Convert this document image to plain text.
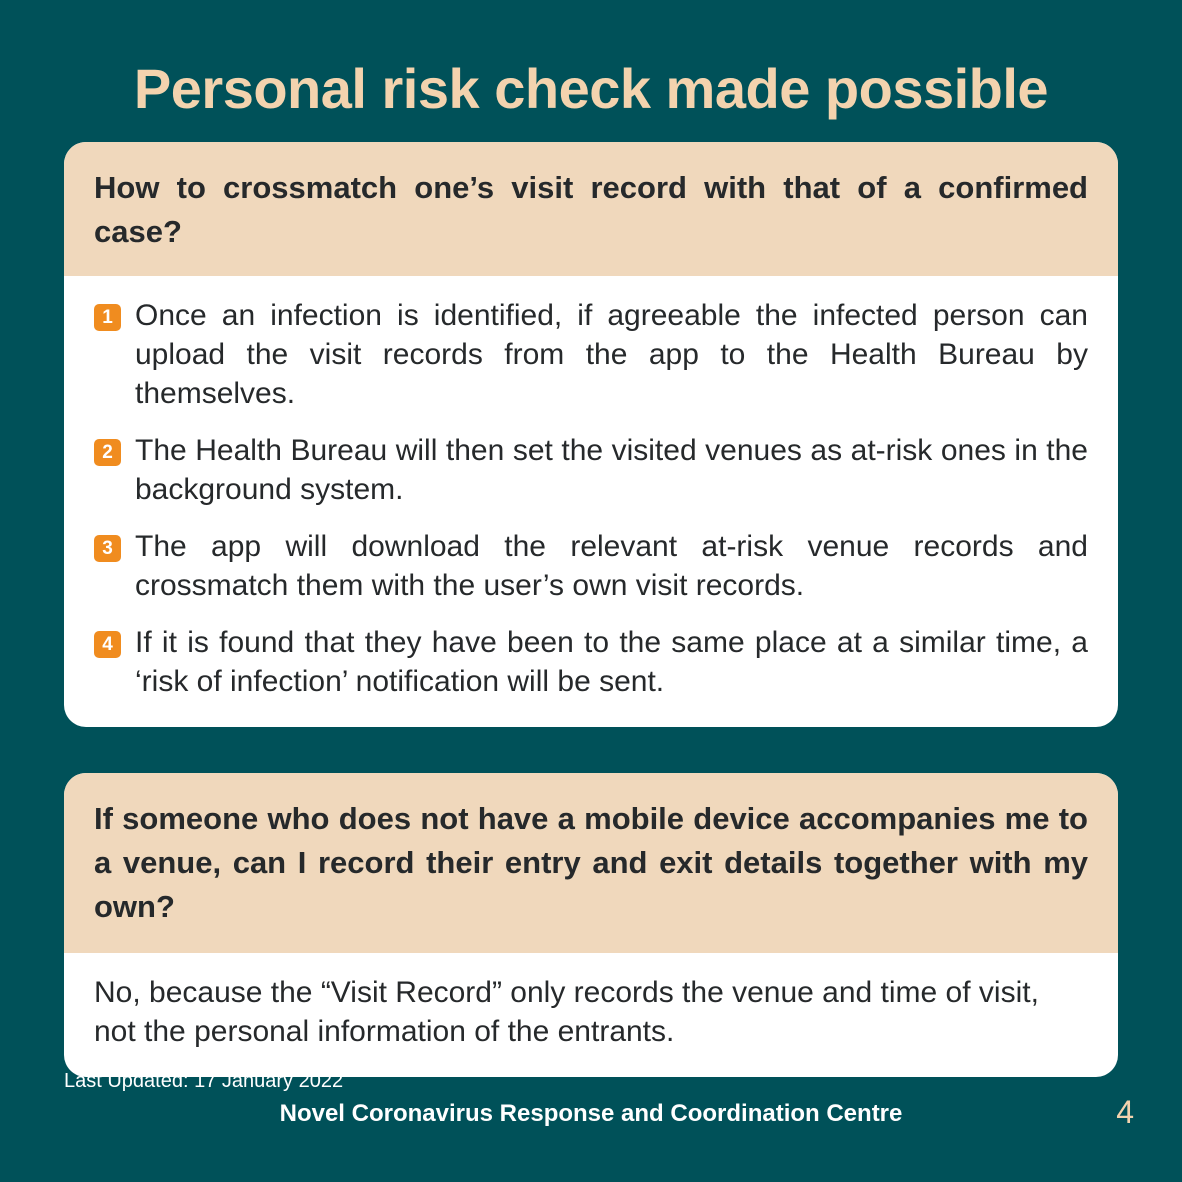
Personal risk check made possible
How to crossmatch one’s visit record with that of a confirmed case?
1 Once an infection is identified, if agreeable the infected person can upload the visit records from the app to the Health Bureau by themselves.
2 The Health Bureau will then set the visited venues as at-risk ones in the background system.
3 The app will download the relevant at-risk venue records and crossmatch them with the user’s own visit records.
4 If it is found that they have been to the same place at a similar time, a ‘risk of infection’ notification will be sent.
If someone who does not have a mobile device accompanies me to a venue, can I record their entry and exit details together with my own?
No, because the “Visit Record” only records the venue and time of visit, not the personal information of the entrants.
Last Updated: 17 January 2022
Novel Coronavirus Response and Coordination Centre	4
